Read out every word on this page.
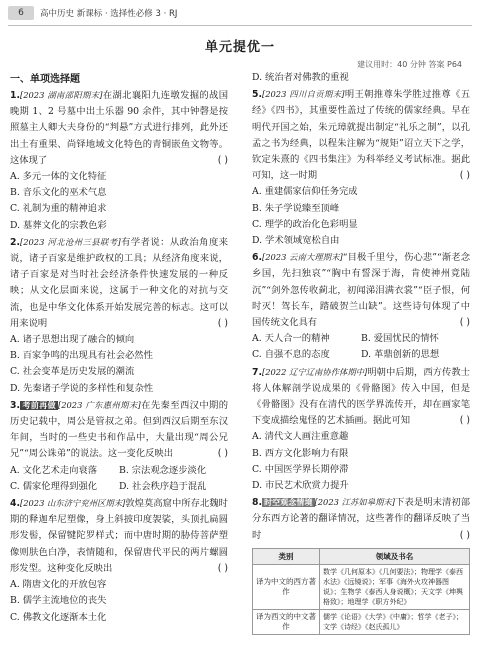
6	高中历史 新课标 · 选择性必修 3 · RJ
单元提优一
建议用时：40 分钟 答案 P64
一、单项选择题
1.[2023 湖南邵阳期末]在湖北襄阳九连墩发掘的战国晚期 1、2 号墓中出土乐器 90 余件，其中钟磬是按照墓主人卿大夫身份的“判悬”方式进行排列，此外还出土有重果、尚铎地域文化特色的青铜嵌鱼文物等。这体现了	( )
A. 多元一体的文化特征
B. 音乐文化的巫术气息
C. 礼制为重的精神追求
D. 墓葬文化的宗教色彩
2.[2023 河北沧州三县联考]有学者说：从政治角度来说，诸子百家是维护政权的工具；从经济角度来说，诸子百家是对当时社会经济条件快速发展的一种反映；从文化层面来说，这属于一种文化的对抗与交流，也是中华文化体系开始发展完善的标志。这可以用来说明	( )
A. 诸子思想出现了融合的倾向
B. 百家争鸣的出现具有社会必然性
C. 社会变革是历史发展的潮流
D. 先秦诸子学说的多样性和复杂性
3. 考前再做 [2023 广东惠州期末]在先秦至西汉中期的历史记载中，周公是管叔之弟。但到西汉后期至东汉年间，当时的一些史书和作品中，大量出现“周公兄兄”“周公诛弟”的说法。这一变化反映出	( )
A. 文化艺术走向衰落	B. 宗法观念逐步淡化
C. 儒家伦理得到强化	D. 社会秩序趋于混乱
4.[2023 山东济宁兖州区期末]敦煌莫高窟中所存北魏时期的释迦牟尼塑像，身上斜披印度袈裟，头顶扎扁圆形发髻，保留犍陀罗样式；而中唐时期的胁侍菩萨塑像则肤色白净，表情随和，保留唐代平民的两片螺圆形发型。这种变化反映出	( )
A. 隋唐文化的开放包容
B. 儒学主流地位的丧失
C. 佛教文化逐渐本土化
D. 统治者对佛教的重视
5.[2023 四川自贡期末]明王朝推尊朱学胜过推尊《五经》《四书》，其重要性盖过了传统的儒家经典。早在明代开国之始，朱元璋就提出制定“礼乐之制”，以孔孟之书为经典，以程朱注解为“规矩”诏立天下之学，钦定朱熹的《四书集注》为科举经义考试标准。据此可知，这一时期	( )
A. 重建儒家信仰任务完成
B. 朱子学说臻至顶峰
C. 理学的政治化色彩明显
D. 学术领域宽松自由
6.[2023 云南大理期末]“目极千里兮，伤心悲”“渐老念乡国，先扫独哀”“胸中有誓深于海，肯使神州竟陆沉”“剑外忽传收蓟北，初闻涕泪满衣裳”“臣子恨，何时灭！驾长车，踏破贺兰山缺”。这些诗句体现了中国传统文化具有	( )
A. 天人合一的精神	B. 爱国忧民的情怀
C. 自强不息的态度	D. 革鼎创新的思想
7.[2022 辽宁辽南协作体期中]明朝中后期，西方传教士将人体解剖学说成果的《骨骼图》传入中国，但是《骨骼图》没有在清代的医学界流传开，却在画家笔下变成描绘鬼怪的艺术插画。据此可知	( )
A. 清代文人画注重意趣
B. 西方文化影响力有限
C. 中国医学界长期停滞
D. 市民艺术欣赏力提升
8. 时空观念情境 [2023 江苏如皋期末]下表是明末清初部分东西方论著的翻译情况，这些著作的翻译反映了当时	( )
类别	领域及书名
译为中文的西方著作	数学《几何原本》《几何要法》；物理学《泰西水法》《远镜说》；军事《海外火攻神器图说》；生物学《泰西人身说概》；天文学《坤舆格致》；地理学《职方外纪》
译为西文的中文著作	儒学《论语》《大学》《中庸》；哲学《老子》；文学《诗经》《赵氏孤儿》
